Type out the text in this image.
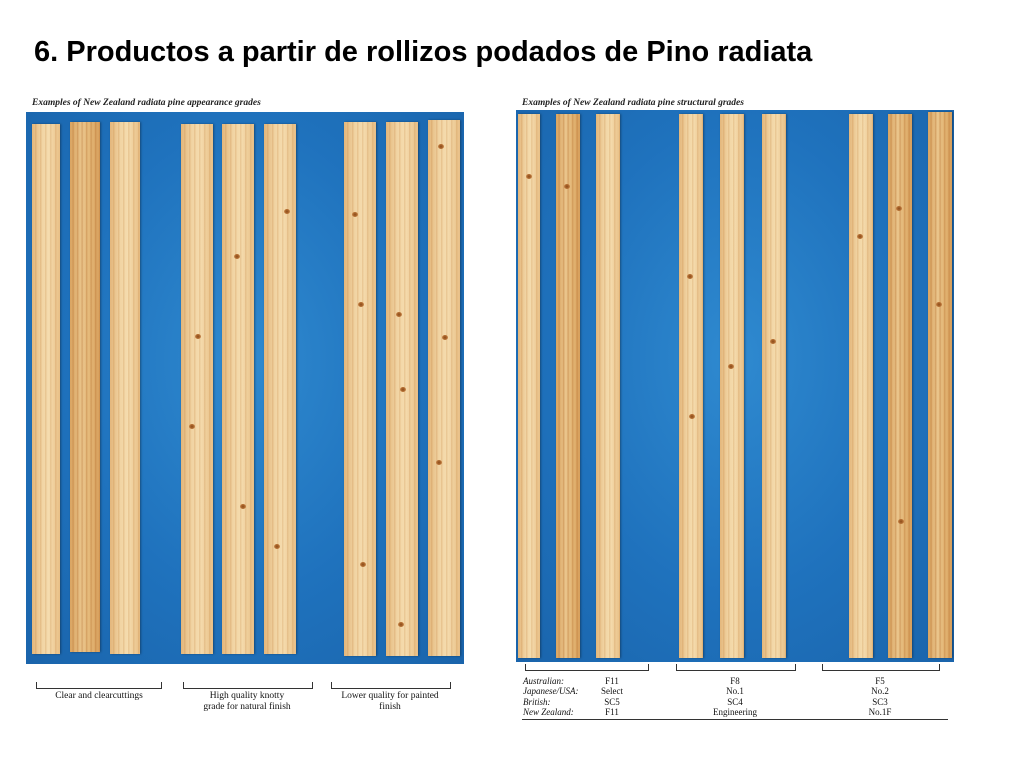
6. Productos a partir de rollizos podados de Pino radiata
Examples of New Zealand radiata pine appearance grades
Clear and clearcuttings	High quality knotty
grade for natural finish
Lower quality for painted
finish
Examples of New Zealand radiata pine structural grades
Australian:
Japanese/USA:
British:
New Zealand:
F11
Select
SC5
F11
F8
No.1
SC4
Engineering
F5
No.2
SC3
No.1F
